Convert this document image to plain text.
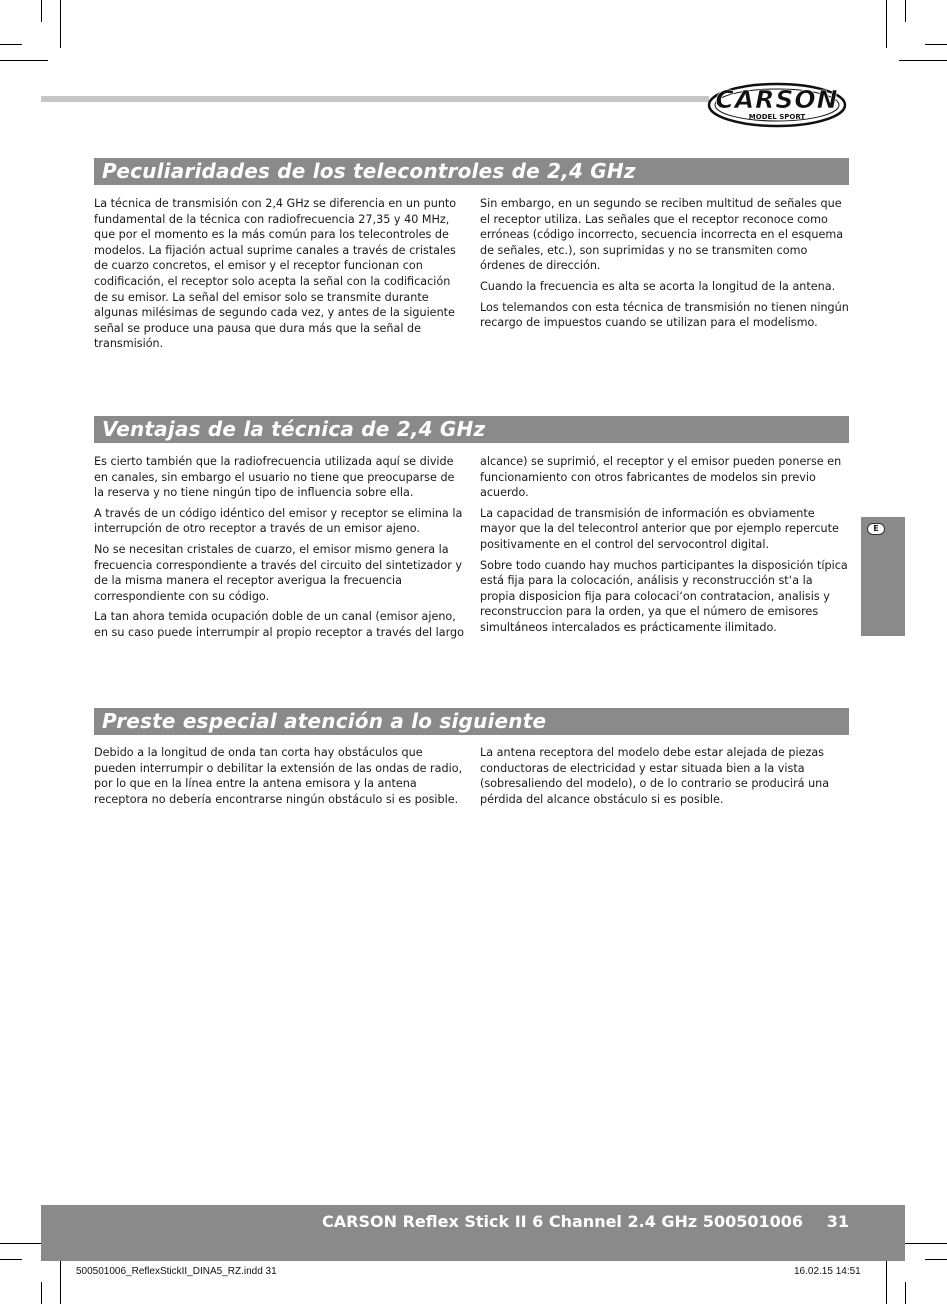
CARSON
MODEL SPORT
Peculiaridades de los telecontroles de 2,4 GHz

La técnica de transmisión con 2,4 GHz se diferencia en un punto fundamental de la técnica con radiofrecuencia 27,35 y 40 MHz, que por el momento es la más común para los telecontroles de modelos. La fijación actual suprime canales a través de cristales de cuarzo concretos, el emisor y el receptor funcionan con codificación, el receptor solo acepta la señal con la codificación de su emisor. La señal del emisor solo se transmite durante algunas milésimas de segundo cada vez, y antes de la siguiente señal se produce una pausa que dura más que la señal de transmisión.

Sin embargo, en un segundo se reciben multitud de señales que el receptor utiliza. Las señales que el receptor reconoce como erróneas (código incorrecto, secuencia incorrecta en el esquema de señales, etc.), son suprimidas y no se transmiten como órdenes de dirección.

Cuando la frecuencia es alta se acorta la longitud de la antena.

Los telemandos con esta técnica de transmisión no tienen ningún recargo de impuestos cuando se utilizan para el modelismo.

Ventajas de la técnica de 2,4 GHz

Es cierto también que la radiofrecuencia utilizada aquí se divide en canales, sin embargo el usuario no tiene que preocuparse de la reserva y no tiene ningún tipo de influencia sobre ella.

A través de un código idéntico del emisor y receptor se elimina la interrupción de otro receptor a través de un emisor ajeno.

No se necesitan cristales de cuarzo, el emisor mismo genera la frecuencia correspondiente a través del circuito del sintetizador y de la misma manera el receptor averigua la frecuencia correspondiente con su código.

La tan ahora temida ocupación doble de un canal (emisor ajeno, en su caso puede interrumpir al propio receptor a través del largo

alcance) se suprimió, el receptor y el emisor pueden ponerse en funcionamiento con otros fabricantes de modelos sin previo acuerdo.

La capacidad de transmisión de información es obviamente mayor que la del telecontrol anterior que por ejemplo repercute positivamente en el control del servocontrol digital.

Sobre todo cuando hay muchos participantes la disposición típica está fija para la colocación, análisis y reconstrucción st‘a la propia disposicion fija para colocaci‘on contratacion, analisis y reconstruccion para la orden, ya que el número de emisores simultáneos intercalados es prácticamente ilimitado.

E
Preste especial atención a lo siguiente

Debido a la longitud de onda tan corta hay obstáculos que pueden interrumpir o debilitar la extensión de las ondas de radio, por lo que en la línea entre la antena emisora y la antena receptora no debería encontrarse ningún obstáculo si es posible.

La antena receptora del modelo debe estar alejada de piezas conductoras de electricidad y estar situada bien a la vista (sobresaliendo del modelo), o de lo contrario se producirá una pérdida del alcance obstáculo si es posible.

CARSON Reflex Stick II 6 Channel 2.4 GHz 500501006 31
500501006_ReflexStickII_DINA5_RZ.indd 31	16.02.15 14:51
